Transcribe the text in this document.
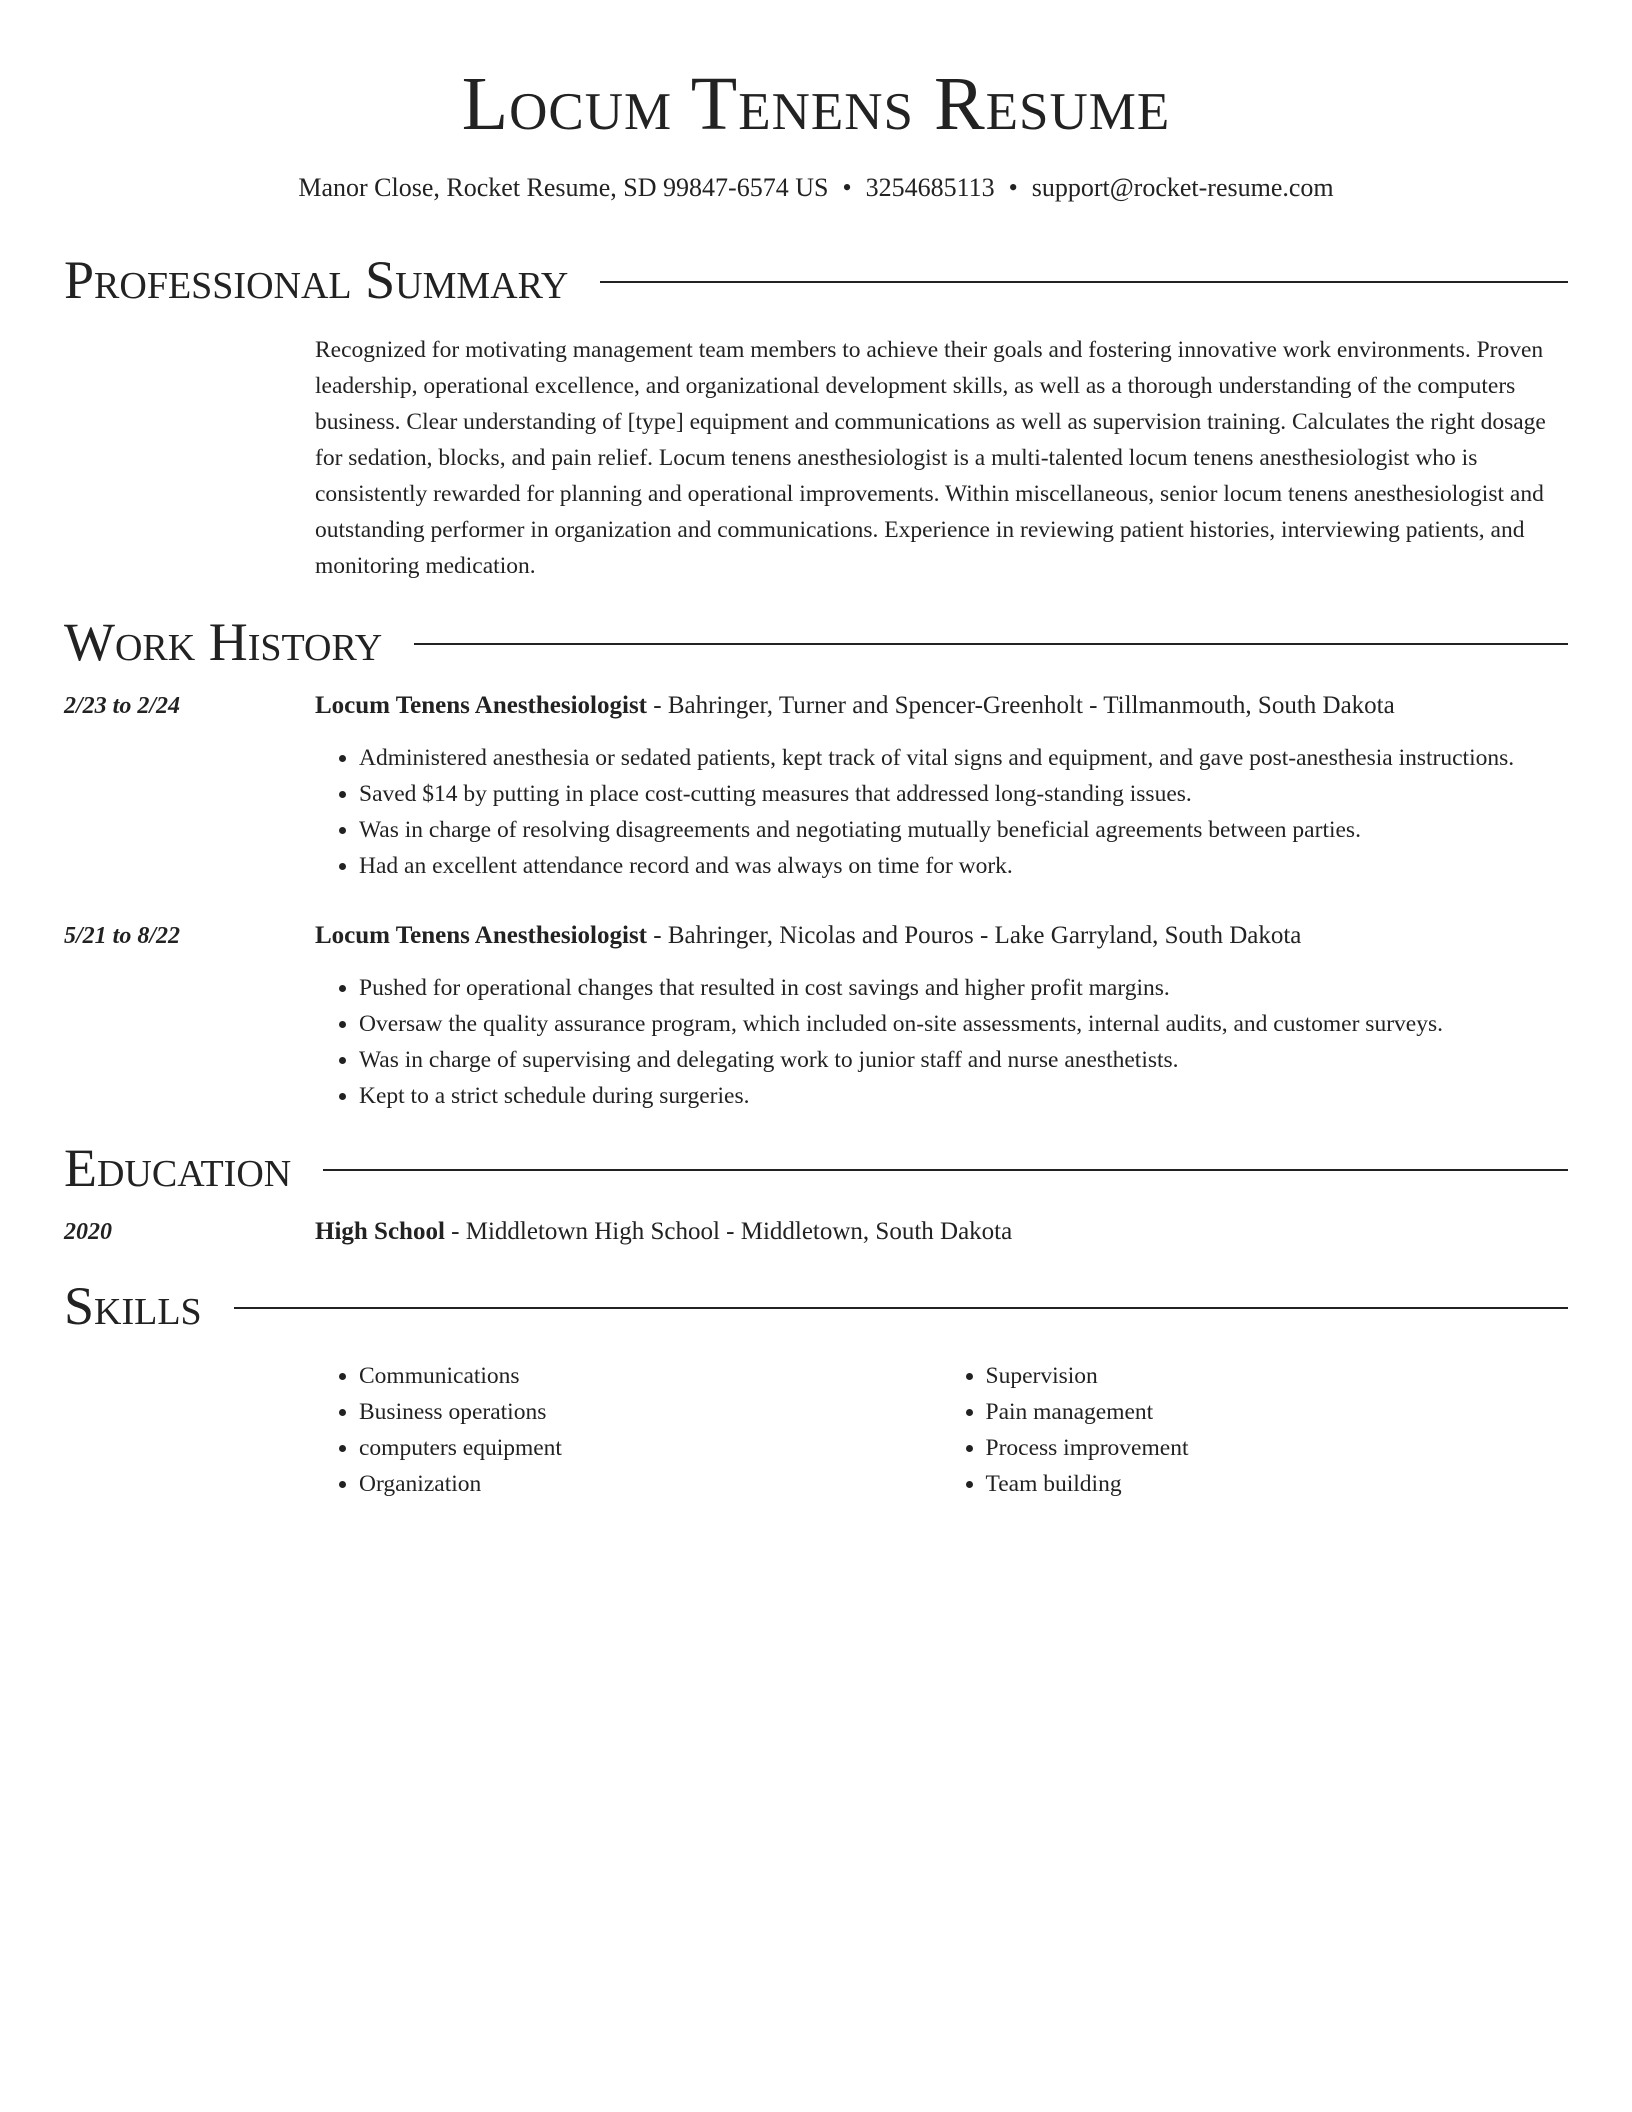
Locum Tenens Resume
Manor Close, Rocket Resume, SD 99847-6574 US • 3254685113 • support@rocket-resume.com
Professional Summary
Recognized for motivating management team members to achieve their goals and fostering innovative work environments. Proven leadership, operational excellence, and organizational development skills, as well as a thorough understanding of the computers business. Clear understanding of [type] equipment and communications as well as supervision training. Calculates the right dosage for sedation, blocks, and pain relief. Locum tenens anesthesiologist is a multi-talented locum tenens anesthesiologist who is consistently rewarded for planning and operational improvements. Within miscellaneous, senior locum tenens anesthesiologist and outstanding performer in organization and communications. Experience in reviewing patient histories, interviewing patients, and monitoring medication.
Work History
2/23 to 2/24	Locum Tenens Anesthesiologist - Bahringer, Turner and Spencer-Greenholt - Tillmanmouth, South Dakota
• Administered anesthesia or sedated patients, kept track of vital signs and equipment, and gave post-anesthesia instructions.
• Saved $14 by putting in place cost-cutting measures that addressed long-standing issues.
• Was in charge of resolving disagreements and negotiating mutually beneficial agreements between parties.
• Had an excellent attendance record and was always on time for work.
5/21 to 8/22	Locum Tenens Anesthesiologist - Bahringer, Nicolas and Pouros - Lake Garryland, South Dakota
• Pushed for operational changes that resulted in cost savings and higher profit margins.
• Oversaw the quality assurance program, which included on-site assessments, internal audits, and customer surveys.
• Was in charge of supervising and delegating work to junior staff and nurse anesthetists.
• Kept to a strict schedule during surgeries.
Education
2020	High School - Middletown High School - Middletown, South Dakota
Skills
• Communications
• Business operations
• computers equipment
• Organization
• Supervision
• Pain management
• Process improvement
• Team building
